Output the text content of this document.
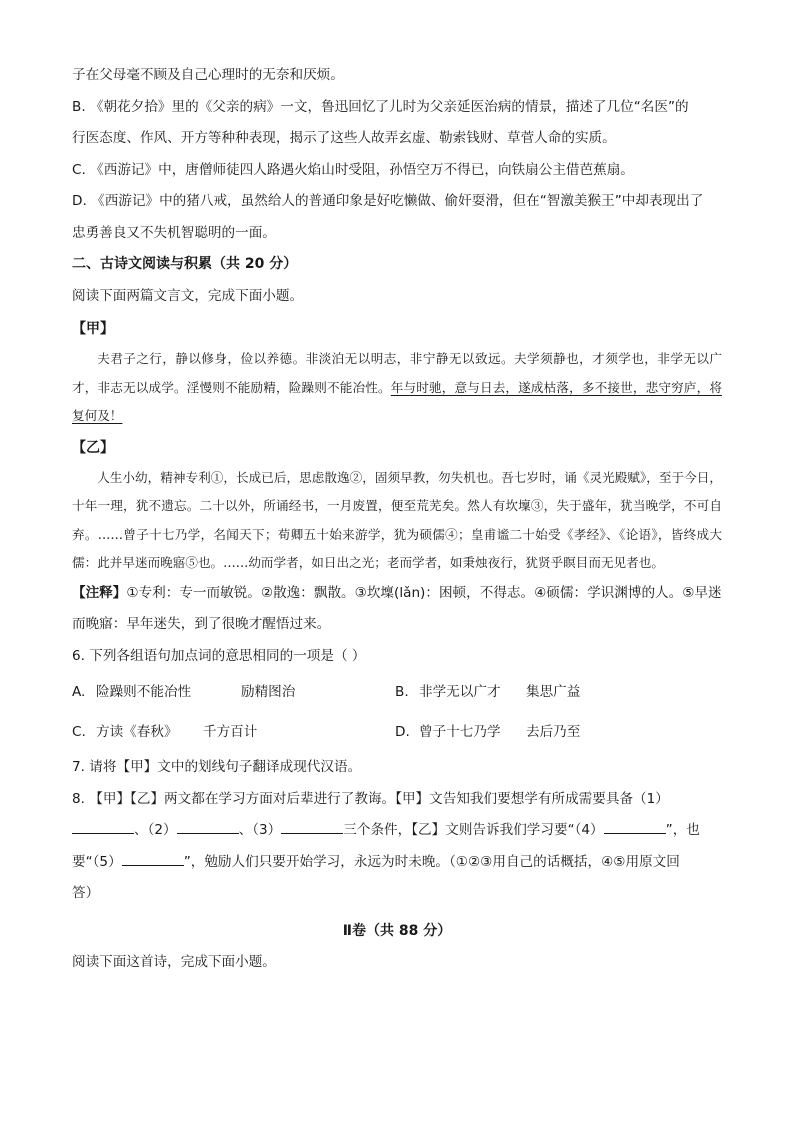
子在父母毫不顾及自己心理时的无奈和厌烦。

B. 《朝花夕拾》里的《父亲的病》一文，鲁迅回忆了儿时为父亲延医治病的情景，描述了几位“名医”的

行医态度、作风、开方等种种表现，揭示了这些人故弄玄虚、勒索钱财、草菅人命的实质。

C. 《西游记》中，唐僧师徒四人路遇火焰山时受阻，孙悟空万不得已，向铁扇公主借芭蕉扇。

D. 《西游记》中的猪八戒，虽然给人的普通印象是好吃懒做、偷奸耍滑，但在“智激美猴王”中却表现出了

忠勇善良又不失机智聪明的一面。

二、古诗文阅读与积累（共 20 分）

阅读下面两篇文言文，完成下面小题。

【甲】

夫君子之行，静以修身，俭以养德。非淡泊无以明志，非宁静无以致远。夫学须静也，才须学也，非学无以广才，非志无以成学。淫慢则不能励精，险躁则不能冶性。年与时驰，意与日去，遂成枯落，多不接世，悲守穷庐，将复何及！

【乙】

人生小幼，精神专利①，长成已后，思虑散逸②，固须早教，勿失机也。吾七岁时，诵《灵光殿赋》，至于今日，十年一理，犹不遗忘。二十以外，所诵经书，一月废置，便至荒芜矣。然人有坎壈③，失于盛年，犹当晚学，不可自弃。……曾子十七乃学，名闻天下；荀卿五十始来游学，犹为硕儒④；皇甫谧二十始受《孝经》、《论语》，皆终成大儒：此并早迷而晚寤⑤也。……幼而学者，如日出之光；老而学者，如秉烛夜行，犹贤乎瞑目而无见者也。

【注释】①专利：专一而敏锐。②散逸：飘散。③坎壈(lǎn)：困顿，不得志。④硕儒：学识渊博的人。⑤早迷而晚寤：早年迷失，到了很晚才醒悟过来。

6. 下列各组语句加点词的意思相同的一项是（ ）

A. 险躁则不能冶性	励精图治	B. 非学无以广才	集思广益
C. 方读《春秋》	千方百计	D. 曾子十七乃学	去后乃至

7. 请将【甲】文中的划线句子翻译成现代汉语。

8. 【甲】【乙】两文都在学习方面对后辈进行了教诲。【甲】文告知我们要想学有所成需要具备（1）

、（2）	、（3）	三个条件，【乙】文则告诉我们学习要“（4）	”，也

要“（5）	”，勉励人们只要开始学习，永远为时未晚。（①②③用自己的话概括，④⑤用原文回

答）

Ⅱ卷（共 88 分）

阅读下面这首诗，完成下面小题。
